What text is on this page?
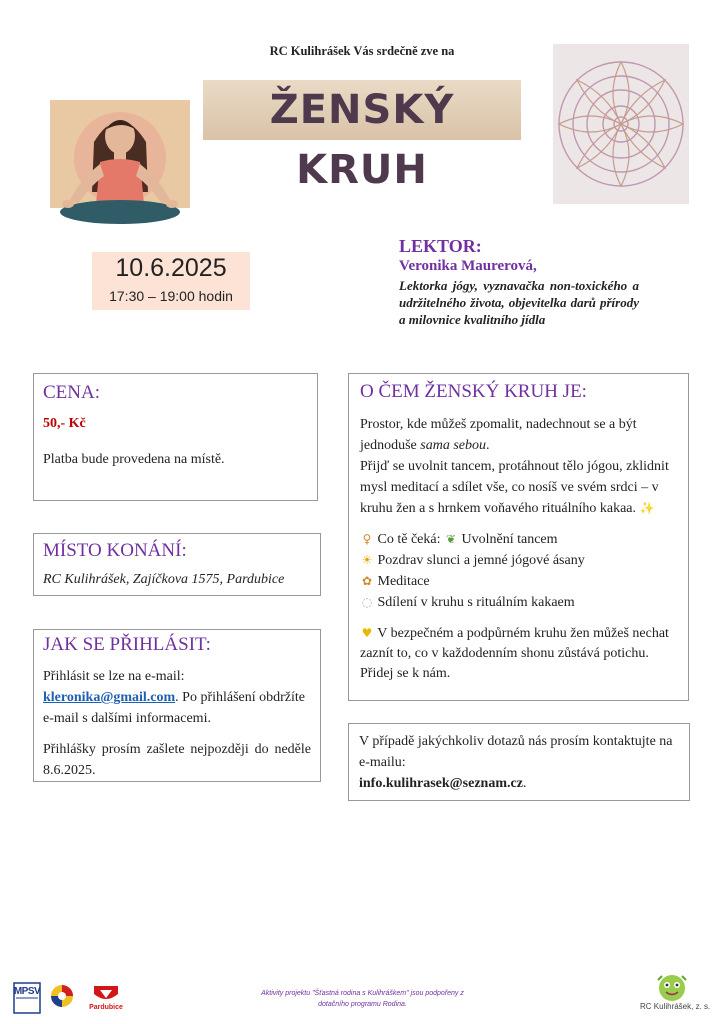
RC Kulihrášek Vás srdečně zve na
ŽENSKÝ KRUH
10.6.2025
17:30 – 19:00 hodin
LEKTOR:
Veronika Maurerová,
Lektorka jógy, vyznavačka non-toxického a udržitelného života, objevitelka darů přírody a milovnice kvalitního jídla
CENA:
50,- Kč
Platba bude provedena na místě.
MÍSTO KONÁNÍ:
RC Kulihrášek, Zajíčkova 1575, Pardubice
JAK SE PŘIHLÁSIT:
Přihlásit se lze na e-mail:
kleronika@gmail.com. Po přihlášení obdržíte e-mail s dalšími informacemi.
Přihlášky prosím zašlete nejpozději do neděle 8.6.2025.
O ČEM ŽENSKÝ KRUH JE:
Prostor, kde můžeš zpomalit, nadechnout se a být jednoduše sama sebou.
Přijď se uvolnit tancem, protáhnout tělo jógou, zklidnit mysl meditací a sdílet vše, co nosíš ve svém srdci – v kruhu žen a s hrnkem voňavého rituálního kakaa. ✨
♀ Co tě čeká: ❦ Uvolnění tancem
☀ Pozdrav slunci a jemné jógové ásany
✿ Meditace
◌ Sdílení v kruhu s rituálním kakaem
♥ V bezpečném a podpůrném kruhu žen můžeš nechat zaznít to, co v každodenním shonu zůstává potichu. Přidej se k nám.
V případě jakýchkoliv dotazů nás prosím kontaktujte na e-mailu:
info.kulihrasek@seznam.cz.
MPSV
Pardubice
Aktivity projektu "Šťastná rodina s Kulihráškem" jsou podpořeny z dotačního programu Rodina.	RC Kulihrášek, z. s.
